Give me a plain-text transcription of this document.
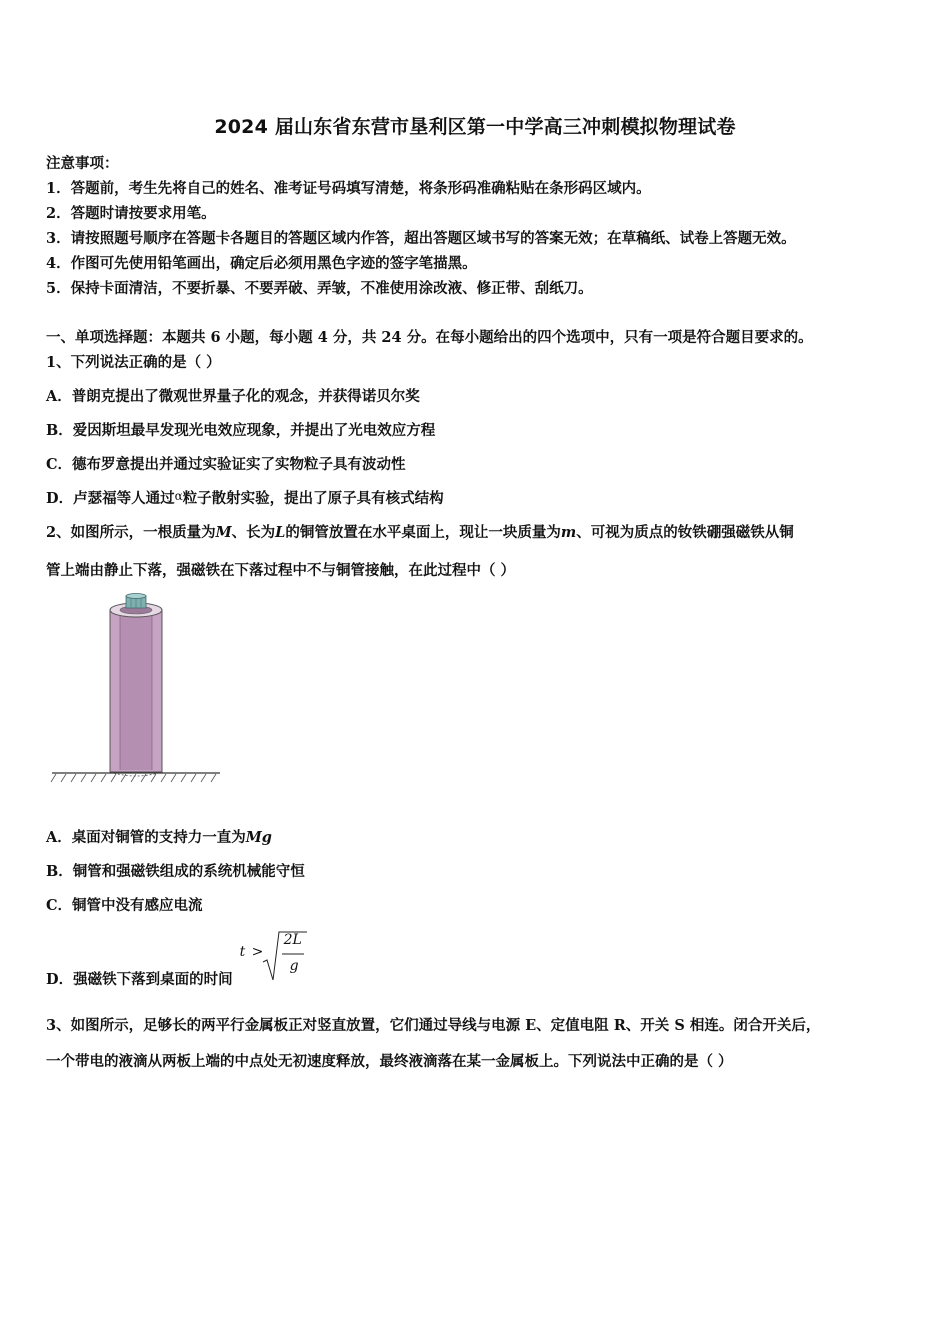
2024 届山东省东营市垦利区第一中学高三冲刺模拟物理试卷
注意事项：
1．答题前，考生先将自己的姓名、准考证号码填写清楚，将条形码准确粘贴在条形码区域内。
2．答题时请按要求用笔。
3．请按照题号顺序在答题卡各题目的答题区域内作答，超出答题区域书写的答案无效；在草稿纸、试卷上答题无效。
4．作图可先使用铅笔画出，确定后必须用黑色字迹的签字笔描黑。
5．保持卡面清洁，不要折暴、不要弄破、弄皱，不准使用涂改液、修正带、刮纸刀。
一、单项选择题：本题共 6 小题，每小题 4 分，共 24 分。在每小题给出的四个选项中，只有一项是符合题目要求的。
1、下列说法正确的是（ ）
A．普朗克提出了微观世界量子化的观念，并获得诺贝尔奖
B．爱因斯坦最早发现光电效应现象，并提出了光电效应方程
C．德布罗意提出并通过实验证实了实物粒子具有波动性
D．卢瑟福等人通过$^\alpha$粒子散射实验，提出了原子具有核式结构
2、如图所示，一根质量为M、长为L的铜管放置在水平桌面上，现让一块质量为m、可视为质点的钕铁硼强磁铁从铜
管上端由静止下落，强磁铁在下落过程中不与铜管接触，在此过程中（ ）
A．桌面对铜管的支持力一直为Mg
B．铜管和强磁铁组成的系统机械能守恒
C．铜管中没有感应电流
D．强磁铁下落到桌面的时间
t >
2L
g
3、如图所示，足够长的两平行金属板正对竖直放置，它们通过导线与电源 E、定值电阻 R、开关 S 相连。闭合开关后，
一个带电的液滴从两板上端的中点处无初速度释放，最终液滴落在某一金属板上。下列说法中正确的是（ ）
